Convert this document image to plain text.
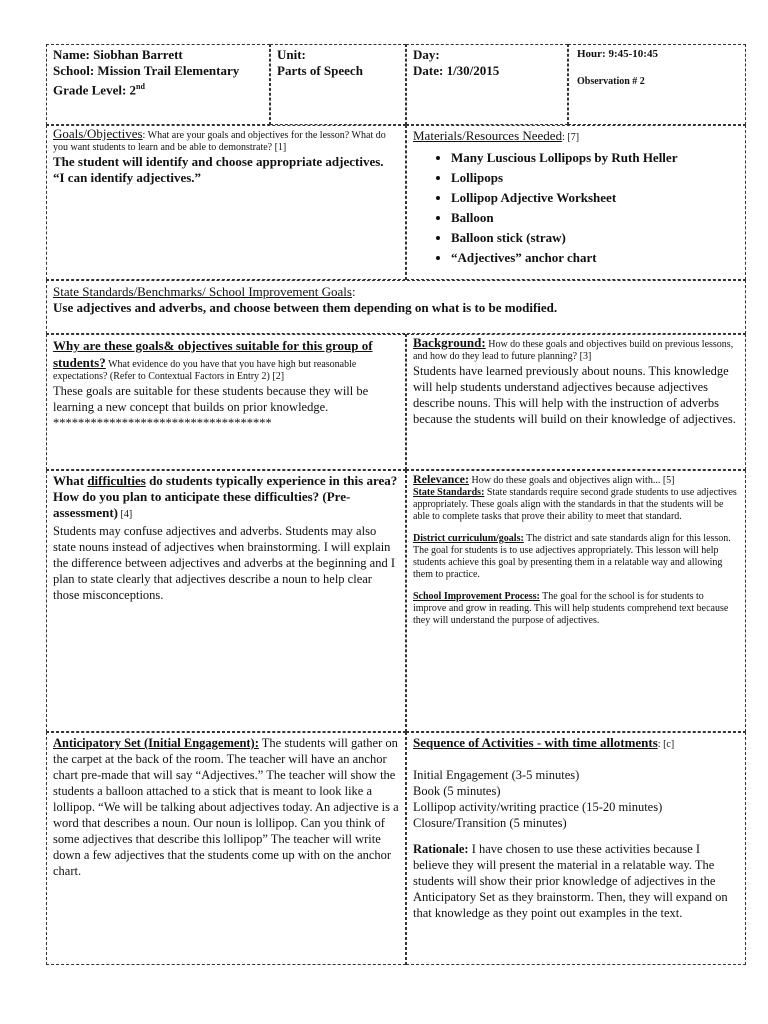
Name: Siobhan Barrett

School: Mission Trail Elementary

Grade Level: 2nd

Unit:

Parts of Speech

Day:

Date: 1/30/2015

Hour: 9:45-10:45

Observation # 2

Goals/Objectives: What are your goals and objectives for the lesson? What do you want students to learn and be able to demonstrate? [1]

The student will identify and choose appropriate adjectives.

“I can identify adjectives.”

Materials/Resources Needed: [7]

• Many Luscious Lollipops by Ruth Heller
• Lollipops
• Lollipop Adjective Worksheet
• Balloon
• Balloon stick (straw)
• “Adjectives” anchor chart

State Standards/Benchmarks/ School Improvement Goals:

Use adjectives and adverbs, and choose between them depending on what is to be modified.

Why are these goals& objectives suitable for this group of students? What evidence do you have that you have high but reasonable expectations? (Refer to Contextual Factors in Entry 2) [2]

These goals are suitable for these students because they will be learning a new concept that builds on prior knowledge. ***********************************

Background: How do these goals and objectives build on previous lessons, and how do they lead to future planning? [3]

Students have learned previously about nouns. This knowledge will help students understand adjectives because adjectives describe nouns. This will help with the instruction of adverbs because the students will build on their knowledge of adjectives.

What difficulties do students typically experience in this area? How do you plan to anticipate these difficulties? (Pre-assessment) [4]

Students may confuse adjectives and adverbs. Students may also state nouns instead of adjectives when brainstorming. I will explain the difference between adjectives and adverbs at the beginning and I plan to state clearly that adjectives describe a noun to help clear those misconceptions.

Relevance: How do these goals and objectives align with... [5]

State Standards: State standards require second grade students to use adjectives appropriately. These goals align with the standards in that the students will be able to complete tasks that prove their ability to meet that standard.

District curriculum/goals: The district and sate standards align for this lesson. The goal for students is to use adjectives appropriately. This lesson will help students achieve this goal by presenting them in a relatable way and allowing them to practice.

School Improvement Process: The goal for the school is for students to improve and grow in reading. This will help students comprehend text because they will understand the purpose of adjectives.

Anticipatory Set (Initial Engagement): The students will gather on the carpet at the back of the room. The teacher will have an anchor chart pre-made that will say “Adjectives.” The teacher will show the students a balloon attached to a stick that is meant to look like a lollipop. “We will be talking about adjectives today. An adjective is a word that describes a noun. Our noun is lollipop. Can you think of some adjectives that describe this lollipop” The teacher will write down a few adjectives that the students come up with on the anchor chart.

Sequence of Activities - with time allotments: [c]

Initial Engagement (3-5 minutes)

Book (5 minutes)

Lollipop activity/writing practice (15-20 minutes)

Closure/Transition (5 minutes)

Rationale: I have chosen to use these activities because I believe they will present the material in a relatable way. The students will show their prior knowledge of adjectives in the Anticipatory Set as they brainstorm. Then, they will expand on that knowledge as they point out examples in the text.
